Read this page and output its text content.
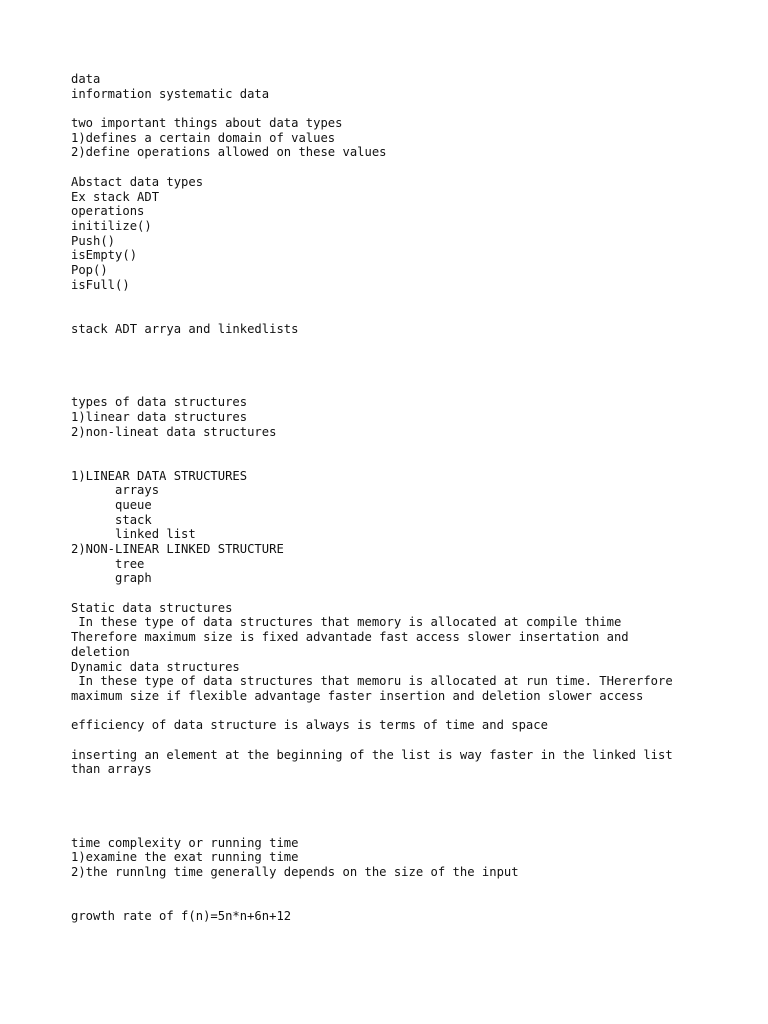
data
information systematic data
two important things about data types
1)defines a certain domain of values
2)define operations allowed on these values
Abstact data types
Ex stack ADT
operations
initilize()
Push()
isEmpty()
Pop()
isFull()
stack ADT arrya and linkedlists
types of data structures
1)linear data structures
2)non-lineat data structures
1)LINEAR DATA STRUCTURES
arrays
queue
stack
linked list
2)NON-LINEAR LINKED STRUCTURE
tree
graph
Static data structures
In these type of data structures that memory is allocated at compile thime
Therefore maximum size is fixed advantade fast access slower insertation and
deletion
Dynamic data structures
In these type of data structures that memoru is allocated at run time. THererfore
maximum size if flexible advantage faster insertion and deletion slower access
efficiency of data structure is always is terms of time and space
inserting an element at the beginning of the list is way faster in the linked list
than arrays
time complexity or running time
1)examine the exat running time
2)the runnlng time generally depends on the size of the input
growth rate of f(n)=5n*n+6n+12
